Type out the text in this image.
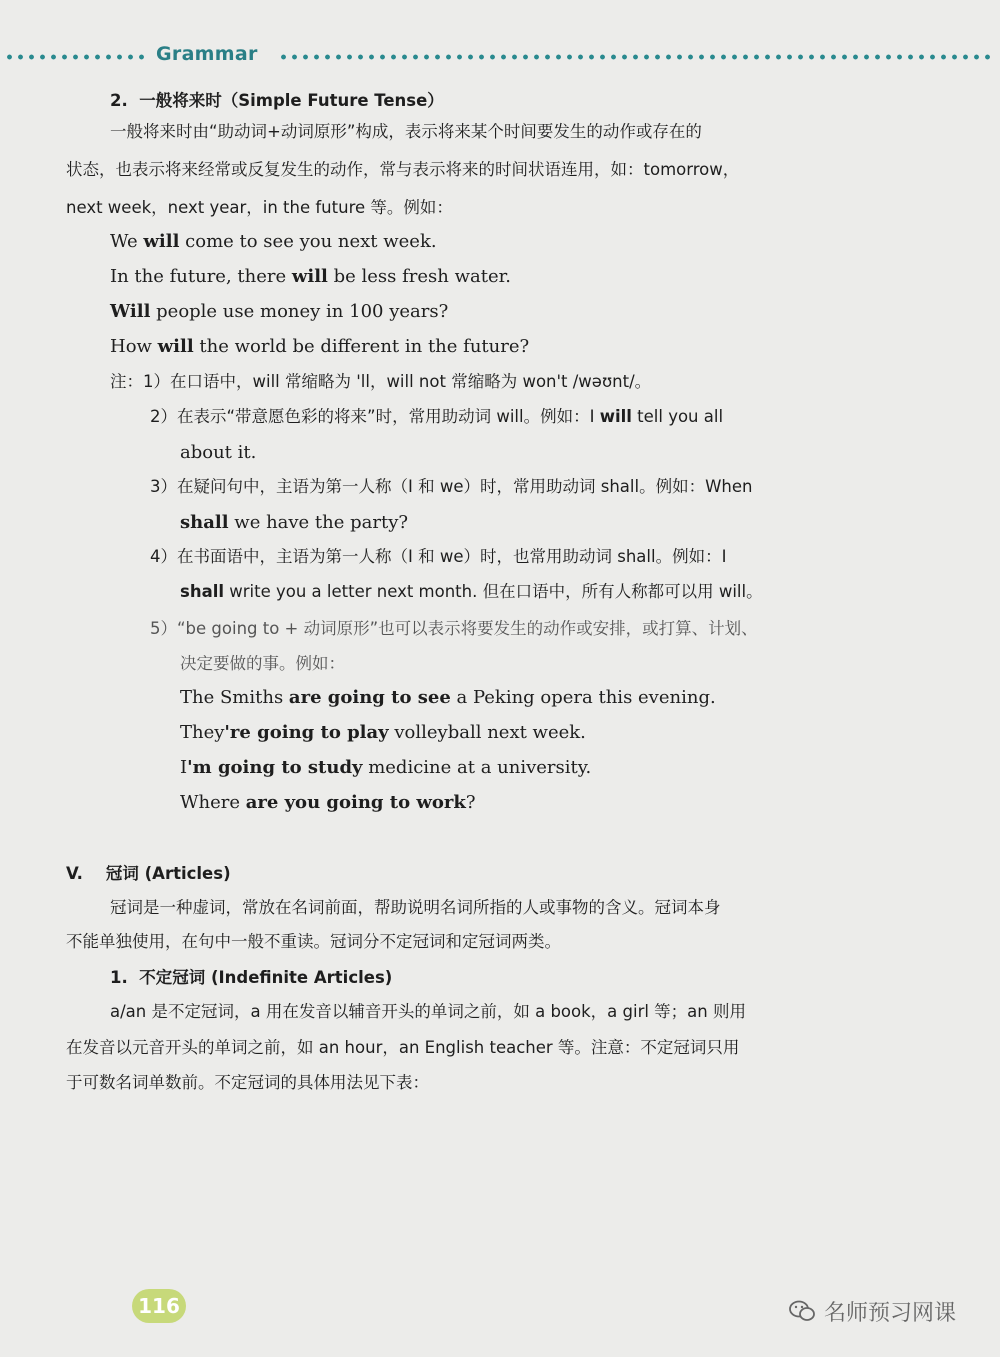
Grammar
2.  一般将来时（Simple Future Tense）
一般将来时由“助动词+动词原形”构成，表示将来某个时间要发生的动作或存在的
状态，也表示将来经常或反复发生的动作，常与表示将来的时间状语连用，如：tomorrow，
next week，next year，in the future 等。例如：
We will come to see you next week.
In the future, there will be less fresh water.
Will people use money in 100 years?
How will the world be different in the future?
注：1）在口语中，will 常缩略为 'll，will not 常缩略为 won't /wəʊnt/。
2）在表示“带意愿色彩的将来”时，常用助动词 will。例如：I will tell you all
about it.
3）在疑问句中，主语为第一人称（I 和 we）时，常用助动词 shall。例如：When
shall we have the party?
4）在书面语中，主语为第一人称（I 和 we）时，也常用助动词 shall。例如：I
shall write you a letter next month. 但在口语中，所有人称都可以用 will。
5）“be going to + 动词原形”也可以表示将要发生的动作或安排，或打算、计划、
决定要做的事。例如：
The Smiths are going to see a Peking opera this evening.
They're going to play volleyball next week.
I'm going to study medicine at a university.
Where are you going to work?
V.    冠词 (Articles)
冠词是一种虚词，常放在名词前面，帮助说明名词所指的人或事物的含义。冠词本身
不能单独使用，在句中一般不重读。冠词分不定冠词和定冠词两类。
1.  不定冠词 (Indefinite Articles)
a/an 是不定冠词，a 用在发音以辅音开头的单词之前，如 a book，a girl 等；an 则用
在发音以元音开头的单词之前，如 an hour，an English teacher 等。注意：不定冠词只用
于可数名词单数前。不定冠词的具体用法见下表：
116	名师预习网课
